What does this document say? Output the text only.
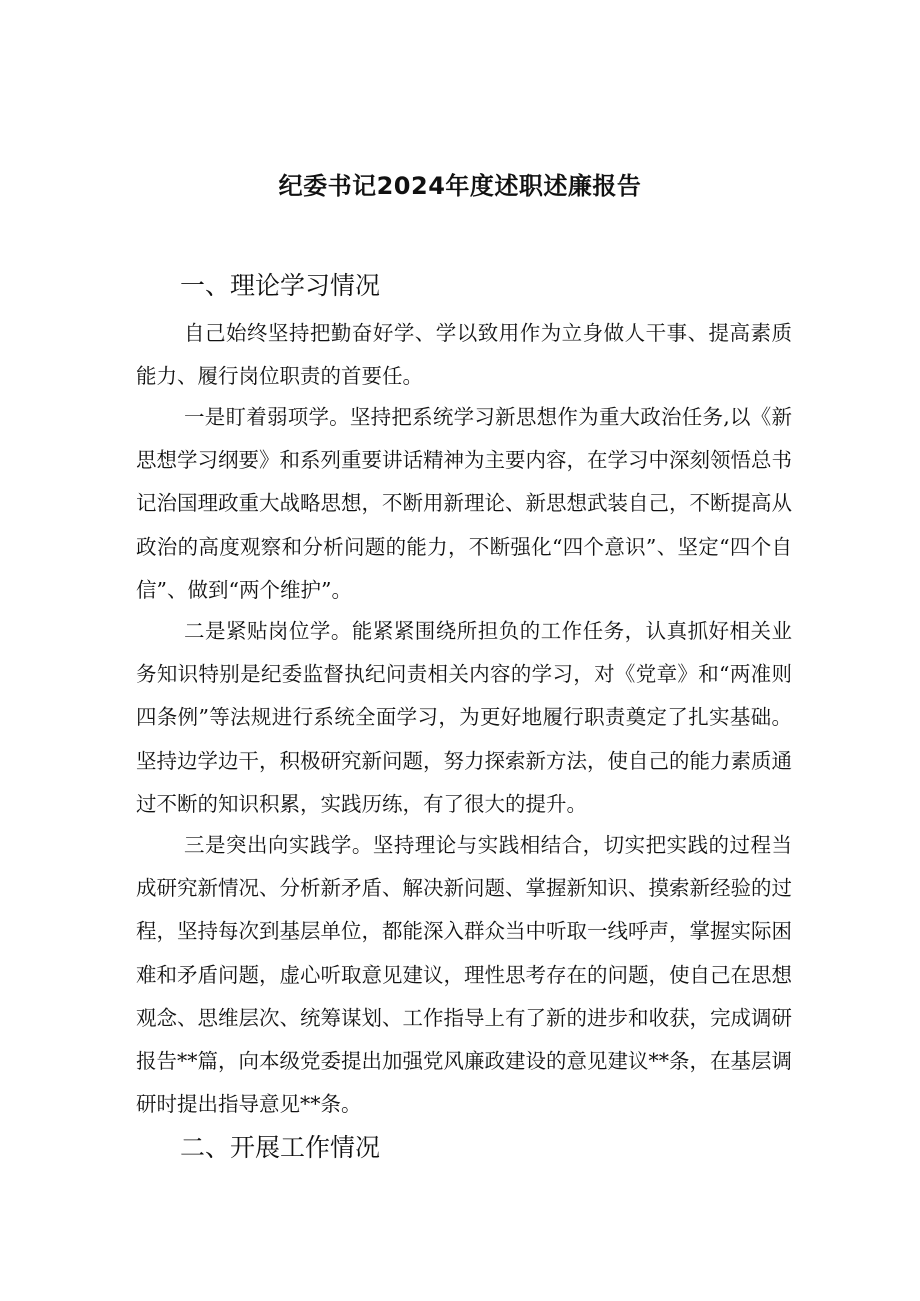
纪委书记2024年度述职述廉报告
一、理论学习情况

自己始终坚持把勤奋好学、学以致用作为立身做人干事、提高素质能力、履行岗位职责的首要任。

一是盯着弱项学。坚持把系统学习新思想作为重大政治任务,以《新思想学习纲要》和系列重要讲话精神为主要内容，在学习中深刻领悟总书记治国理政重大战略思想，不断用新理论、新思想武装自己，不断提高从政治的高度观察和分析问题的能力，不断强化“四个意识”、坚定“四个自信”、做到“两个维护”。

二是紧贴岗位学。能紧紧围绕所担负的工作任务，认真抓好相关业务知识特别是纪委监督执纪问责相关内容的学习，对《党章》和“两准则四条例”等法规进行系统全面学习，为更好地履行职责奠定了扎实基础。坚持边学边干，积极研究新问题，努力探索新方法，使自己的能力素质通过不断的知识积累，实践历练，有了很大的提升。

三是突出向实践学。坚持理论与实践相结合，切实把实践的过程当成研究新情况、分析新矛盾、解决新问题、掌握新知识、摸索新经验的过程，坚持每次到基层单位，都能深入群众当中听取一线呼声，掌握实际困难和矛盾问题，虚心听取意见建议，理性思考存在的问题，使自己在思想观念、思维层次、统筹谋划、工作指导上有了新的进步和收获，完成调研报告**篇，向本级党委提出加强党风廉政建设的意见建议**条，在基层调研时提出指导意见**条。

二、开展工作情况
